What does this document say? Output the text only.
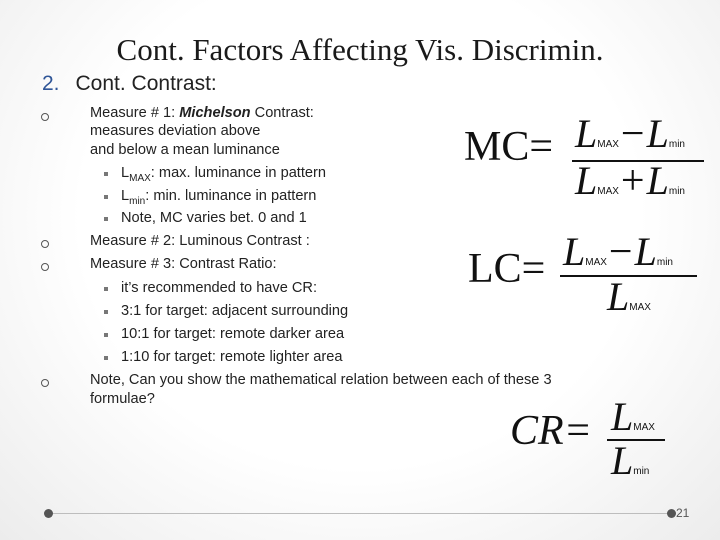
Cont. Factors Affecting Vis. Discrimin.
2. Cont. Contrast:
Measure # 1: Michelson Contrast:
measures deviation above
and below a mean luminance
$L_{MAX}$: max. luminance in pattern
$L_{min}$: min. luminance in pattern
Note, MC varies bet. 0 and 1
Measure # 2: Luminous Contrast :
Measure # 3: Contrast Ratio:
it’s recommended to have CR:
3:1 for target: adjacent surrounding
10:1 for target: remote darker area
1:10 for target: remote lighter area
Note, Can you show the mathematical relation between each of these 3
formulae?
MC= LMAX−Lmin
LMAX+Lmin
LC= LMAX−Lmin
LMAX
CR= LMAX
Lmin
21
